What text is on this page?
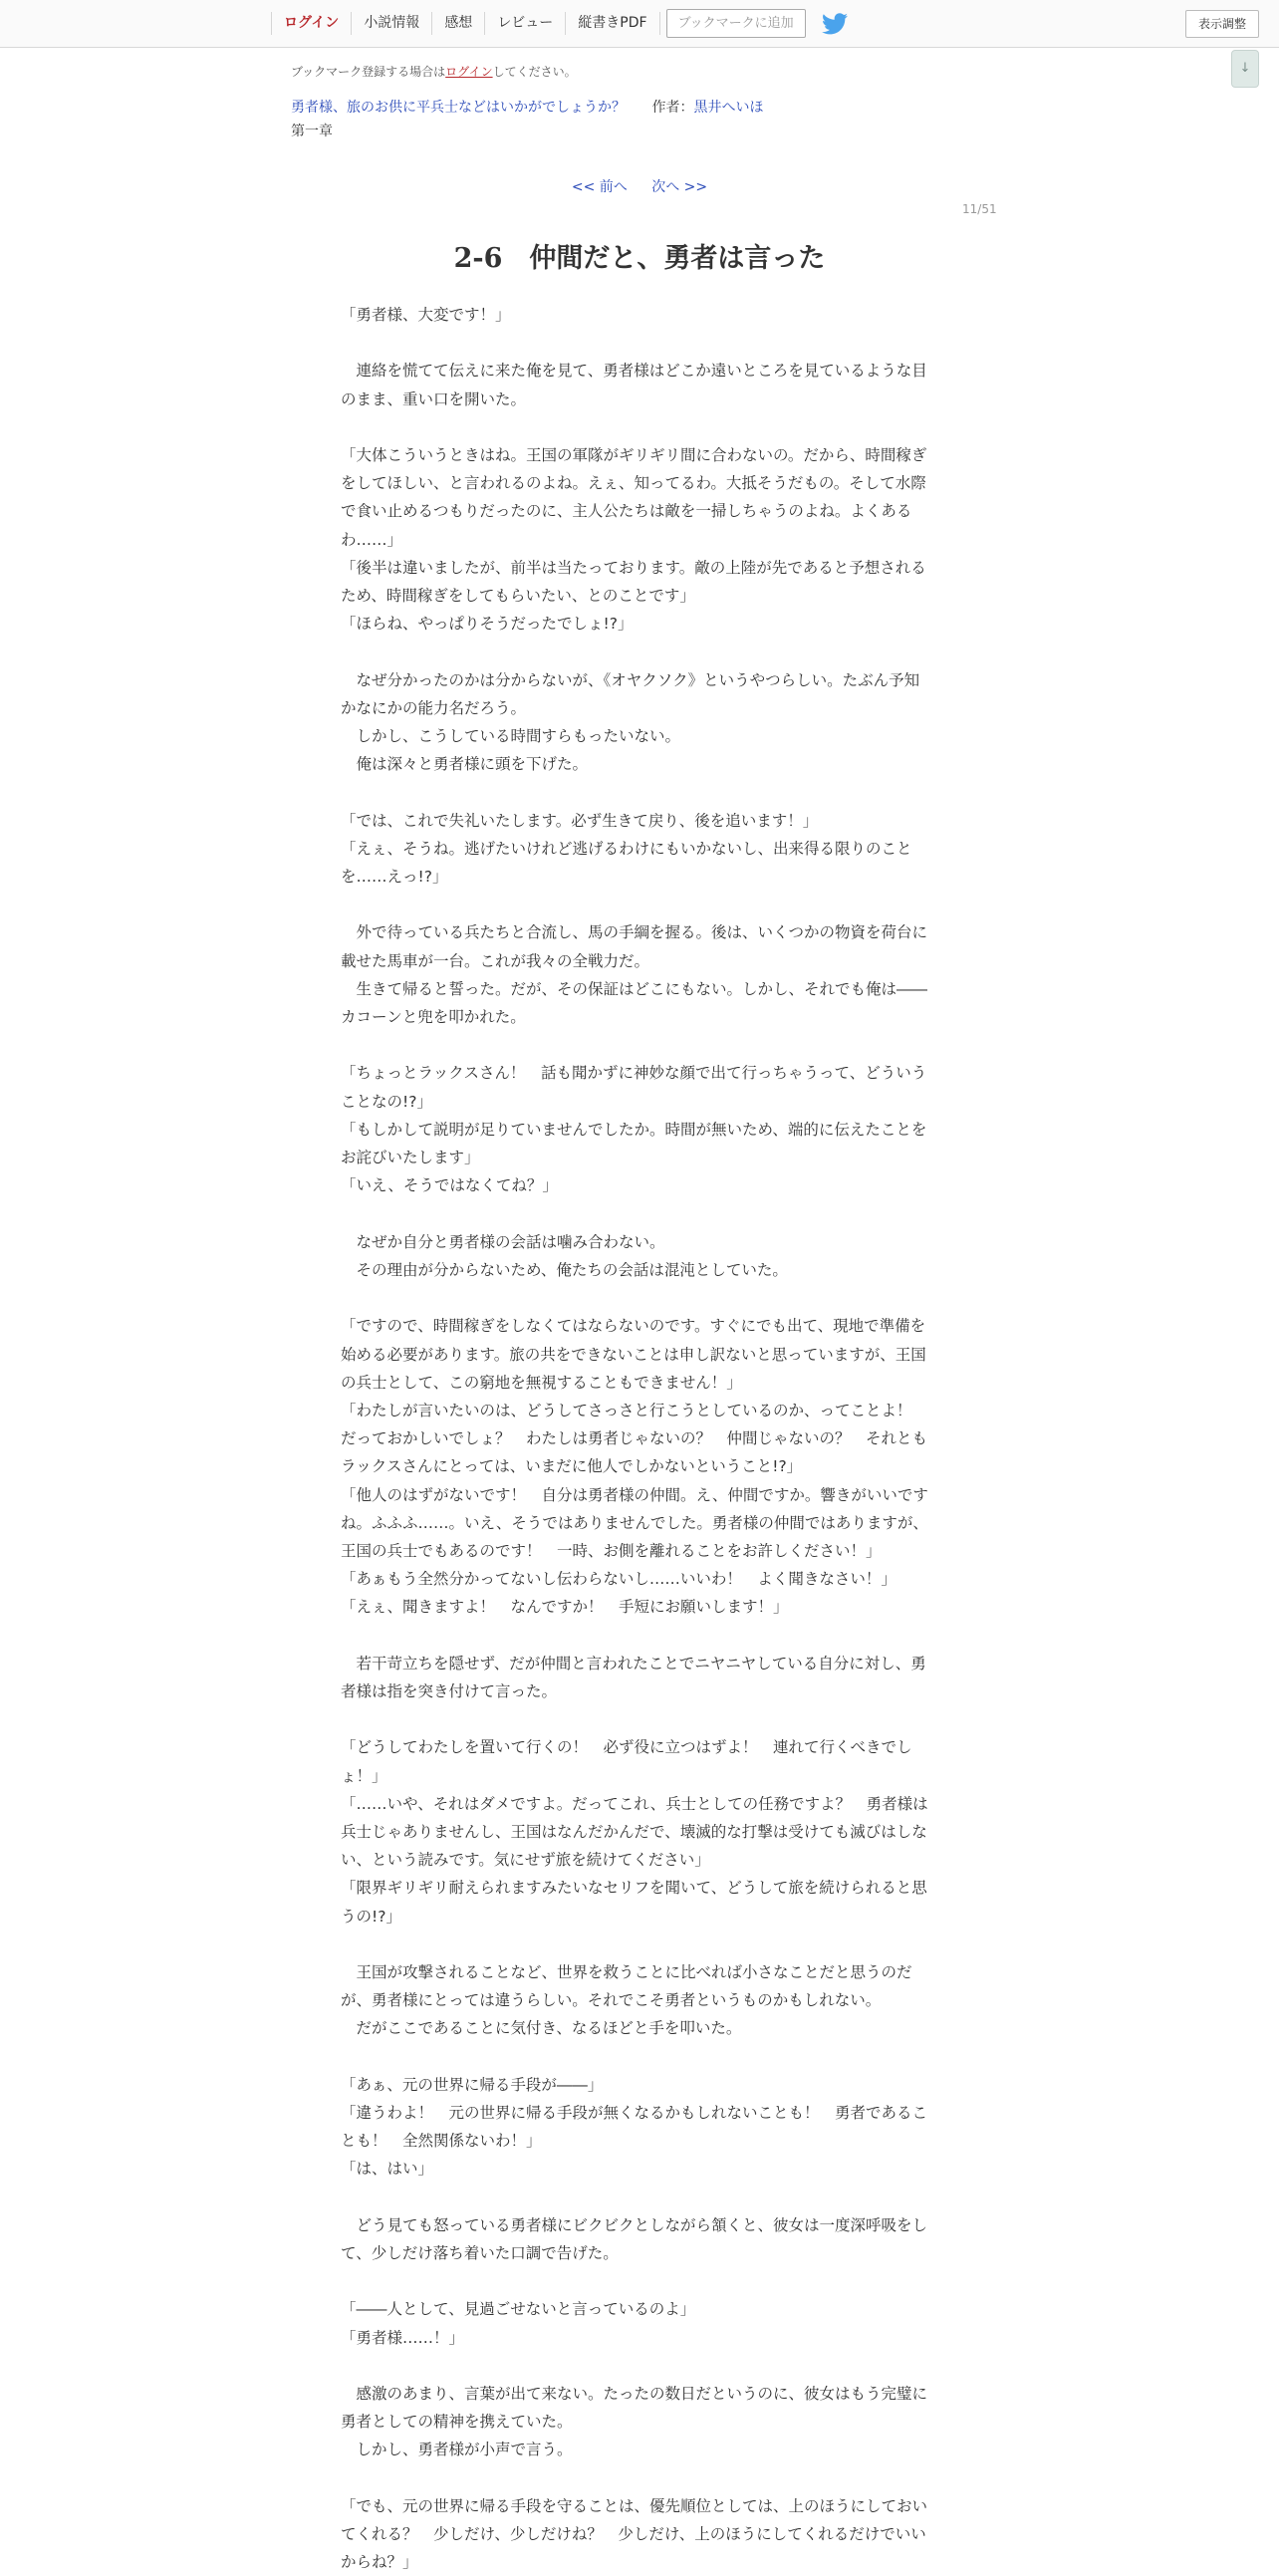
ログイン	小説情報	感想	レビュー	縦書きPDF	ブックマークに追加	表示調整
↓
ブックマーク登録する場合はログインしてください。
勇者様、旅のお供に平兵士などはいかがでしょうか？ 作者：黒井へいほ
第一章
<< 前へ 次へ >>
11/51
2-6　仲間だと、勇者は言った

「勇者様、大変です！」

　連絡を慌てて伝えに来た俺を見て、勇者様はどこか遠いところを見ているような目のまま、重い口を開いた。

「大体こういうときはね。王国の軍隊がギリギリ間に合わないの。だから、時間稼ぎをしてほしい、と言われるのよね。えぇ、知ってるわ。大抵そうだもの。そして水際で食い止めるつもりだったのに、主人公たちは敵を一掃しちゃうのよね。よくあるわ……」

「後半は違いましたが、前半は当たっております。敵の上陸が先であると予想されるため、時間稼ぎをしてもらいたい、とのことです」

「ほらね、やっぱりそうだったでしょ!?」

　なぜ分かったのかは分からないが、《オヤクソク》というやつらしい。たぶん予知かなにかの能力名だろう。

　しかし、こうしている時間すらもったいない。

　俺は深々と勇者様に頭を下げた。

「では、これで失礼いたします。必ず生きて戻り、後を追います！」

「えぇ、そうね。逃げたいけれど逃げるわけにもいかないし、出来得る限りのことを……えっ!?」

　外で待っている兵たちと合流し、馬の手綱を握る。後は、いくつかの物資を荷台に載せた馬車が一台。これが我々の全戦力だ。

　生きて帰ると誓った。だが、その保証はどこにもない。しかし、それでも俺は――カコーンと兜を叩かれた。

「ちょっとラックスさん！　話も聞かずに神妙な顔で出て行っちゃうって、どういうことなの!?」

「もしかして説明が足りていませんでしたか。時間が無いため、端的に伝えたことをお詫びいたします」

「いえ、そうではなくてね？」

　なぜか自分と勇者様の会話は噛み合わない。

　その理由が分からないため、俺たちの会話は混沌としていた。

「ですので、時間稼ぎをしなくてはならないのです。すぐにでも出て、現地で準備を始める必要があります。旅の共をできないことは申し訳ないと思っていますが、王国の兵士として、この窮地を無視することもできません！」

「わたしが言いたいのは、どうしてさっさと行こうとしているのか、ってことよ！　だっておかしいでしょ？　わたしは勇者じゃないの？　仲間じゃないの？　それともラックスさんにとっては、いまだに他人でしかないということ!?」

「他人のはずがないです！　自分は勇者様の仲間。え、仲間ですか。響きがいいですね。ふふふ……。いえ、そうではありませんでした。勇者様の仲間ではありますが、王国の兵士でもあるのです！　一時、お側を離れることをお許しください！」

「あぁもう全然分かってないし伝わらないし……いいわ！　よく聞きなさい！」

「えぇ、聞きますよ！　なんですか！　手短にお願いします！」

　若干苛立ちを隠せず、だが仲間と言われたことでニヤニヤしている自分に対し、勇者様は指を突き付けて言った。

「どうしてわたしを置いて行くの！　必ず役に立つはずよ！　連れて行くべきでしょ！」

「……いや、それはダメですよ。だってこれ、兵士としての任務ですよ？　勇者様は兵士じゃありませんし、王国はなんだかんだで、壊滅的な打撃は受けても滅びはしない、という読みです。気にせず旅を続けてください」

「限界ギリギリ耐えられますみたいなセリフを聞いて、どうして旅を続けられると思うの!?」

　王国が攻撃されることなど、世界を救うことに比べれば小さなことだと思うのだが、勇者様にとっては違うらしい。それでこそ勇者というものかもしれない。

　だがここであることに気付き、なるほどと手を叩いた。

「あぁ、元の世界に帰る手段が――」

「違うわよ！　元の世界に帰る手段が無くなるかもしれないことも！　勇者であることも！　全然関係ないわ！」

「は、はい」

　どう見ても怒っている勇者様にビクビクとしながら頷くと、彼女は一度深呼吸をして、少しだけ落ち着いた口調で告げた。

「――人として、見過ごせないと言っているのよ」

「勇者様……！」

　感激のあまり、言葉が出て来ない。たったの数日だというのに、彼女はもう完璧に勇者としての精神を携えていた。

　しかし、勇者様が小声で言う。

「でも、元の世界に帰る手段を守ることは、優先順位としては、上のほうにしておいてくれる？　少しだけ、少しだけね？　少しだけ、上のほうにしてくれるだけでいいからね？」
